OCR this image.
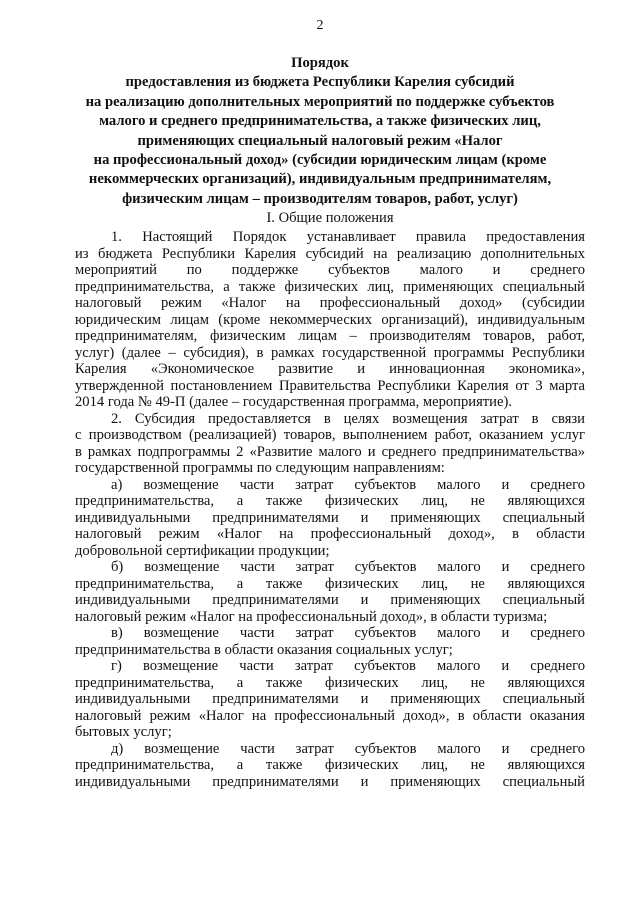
2
Порядок
предоставления из бюджета Республики Карелия субсидий
на реализацию дополнительных мероприятий по поддержке субъектов
малого и среднего предпринимательства, а также физических лиц,
применяющих специальный налоговый режим «Налог
на профессиональный доход» (субсидии юридическим лицам (кроме
некоммерческих организаций), индивидуальным предпринимателям,
физическим лицам – производителям товаров, работ, услуг)
I. Общие положения
1. Настоящий Порядок устанавливает правила предоставления
из бюджета Республики Карелия субсидий на реализацию дополнительных
мероприятий по поддержке субъектов малого и среднего
предпринимательства, а также физических лиц, применяющих специальный
налоговый режим «Налог на профессиональный доход» (субсидии
юридическим лицам (кроме некоммерческих организаций), индивидуальным
предпринимателям, физическим лицам – производителям товаров, работ,
услуг) (далее – субсидия), в рамках государственной программы Республики
Карелия «Экономическое развитие и инновационная экономика»,
утвержденной постановлением Правительства Республики Карелия от 3 марта
2014 года № 49-П (далее – государственная программа, мероприятие).
2. Субсидия предоставляется в целях возмещения затрат в связи
с производством (реализацией) товаров, выполнением работ, оказанием услуг
в рамках подпрограммы 2 «Развитие малого и среднего предпринимательства»
государственной программы по следующим направлениям:
а) возмещение части затрат субъектов малого и среднего
предпринимательства, а также физических лиц, не являющихся
индивидуальными предпринимателями и применяющих специальный
налоговый режим «Налог на профессиональный доход», в области
добровольной сертификации продукции;
б) возмещение части затрат субъектов малого и среднего
предпринимательства, а также физических лиц, не являющихся
индивидуальными предпринимателями и применяющих специальный
налоговый режим «Налог на профессиональный доход», в области туризма;
в) возмещение части затрат субъектов малого и среднего
предпринимательства в области оказания социальных услуг;
г) возмещение части затрат субъектов малого и среднего
предпринимательства, а также физических лиц, не являющихся
индивидуальными предпринимателями и применяющих специальный
налоговый режим «Налог на профессиональный доход», в области оказания
бытовых услуг;
д) возмещение части затрат субъектов малого и среднего
предпринимательства, а также физических лиц, не являющихся
индивидуальными предпринимателями и применяющих специальный
